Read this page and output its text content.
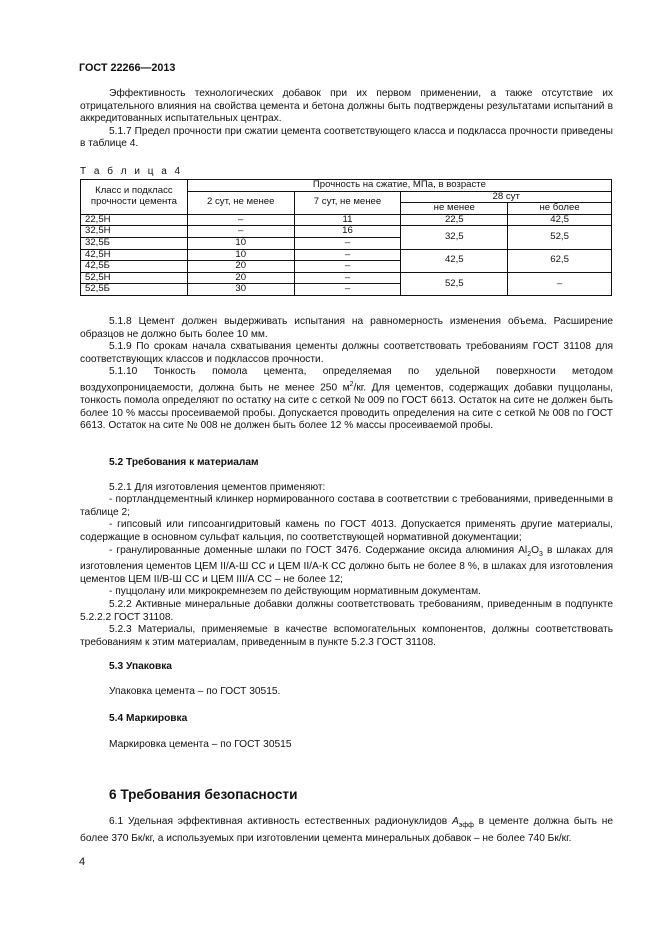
ГОСТ 22266—2013

Эффективность технологических добавок при их первом применении, а также отсутствие их отрицательного влияния на свойства цемента и бетона должны быть подтверждены результатами испытаний в аккредитованных испытательных центрах.

5.1.7 Предел прочности при сжатии цемента соответствующего класса и подкласса прочности приведены в таблице 4.

Т а б л и ц а 4
Класс и подкласс прочности цемента	Прочность на сжатие, МПа, в возрасте			
	2 сут, не менее	7 сут, не менее	28 сут	
			не менее	не более
22,5Н	–	11	22,5	42,5
32,5Н	–	16	32,5	52,5
32,5Б	10	–		
42,5Н	10	–	42,5	62,5
42,5Б	20	–		
52,5Н	20	–	52,5	–
52,5Б	30	–		

5.1.8 Цемент должен выдерживать испытания на равномерность изменения объема. Расширение образцов не должно быть более 10 мм.

5.1.9 По срокам начала схватывания цементы должны соответствовать требованиям ГОСТ 31108 для соответствующих классов и подклассов прочности.

5.1.10 Тонкость помола цемента, определяемая по удельной поверхности методом воздухопроницаемости, должна быть не менее 250 $м^2/кг$. Для цементов, содержащих добавки пуццоланы, тонкость помола определяют по остатку на сите с сеткой № 009 по ГОСТ 6613. Остаток на сите не должен быть более 10 % массы просеиваемой пробы. Допускается проводить определения на сите с сеткой № 008 по ГОСТ 6613. Остаток на сите № 008 не должен быть более 12 % массы просеиваемой пробы.

5.2 Требования к материалам

5.2.1 Для изготовления цементов применяют:

- портландцементный клинкер нормированного состава в соответствии с требованиями, приведенными в таблице 2;

- гипсовый или гипсоангидритовый камень по ГОСТ 4013. Допускается применять другие материалы, содержащие в основном сульфат кальция, по соответствующей нормативной документации;

- гранулированные доменные шлаки по ГОСТ 3476. Содержание оксида алюминия $Al_2O_3$ в шлаках для изготовления цементов ЦЕМ II/А-Ш СС и ЦЕМ II/А-К СС должно быть не более 8 %, в шлаках для изготовления цементов ЦЕМ II/В-Ш СС и ЦЕМ III/А СС – не более 12;

- пуццолану или микрокремнезем по действующим нормативным документам.

5.2.2 Активные минеральные добавки должны соответствовать требованиям, приведенным в подпункте 5.2.2.2 ГОСТ 31108.

5.2.3 Материалы, применяемые в качестве вспомогательных компонентов, должны соответствовать требованиям к этим материалам, приведенным в пункте 5.2.3 ГОСТ 31108.

5.3 Упаковка

Упаковка цемента – по ГОСТ 30515.

5.4 Маркировка

Маркировка цемента – по ГОСТ 30515

6 Требования безопасности

6.1 Удельная эффективная активность естественных радионуклидов $А_{эфф}$ в цементе должна быть не более 370 Бк/кг, а используемых при изготовлении цемента минеральных добавок – не более 740 Бк/кг.

4
